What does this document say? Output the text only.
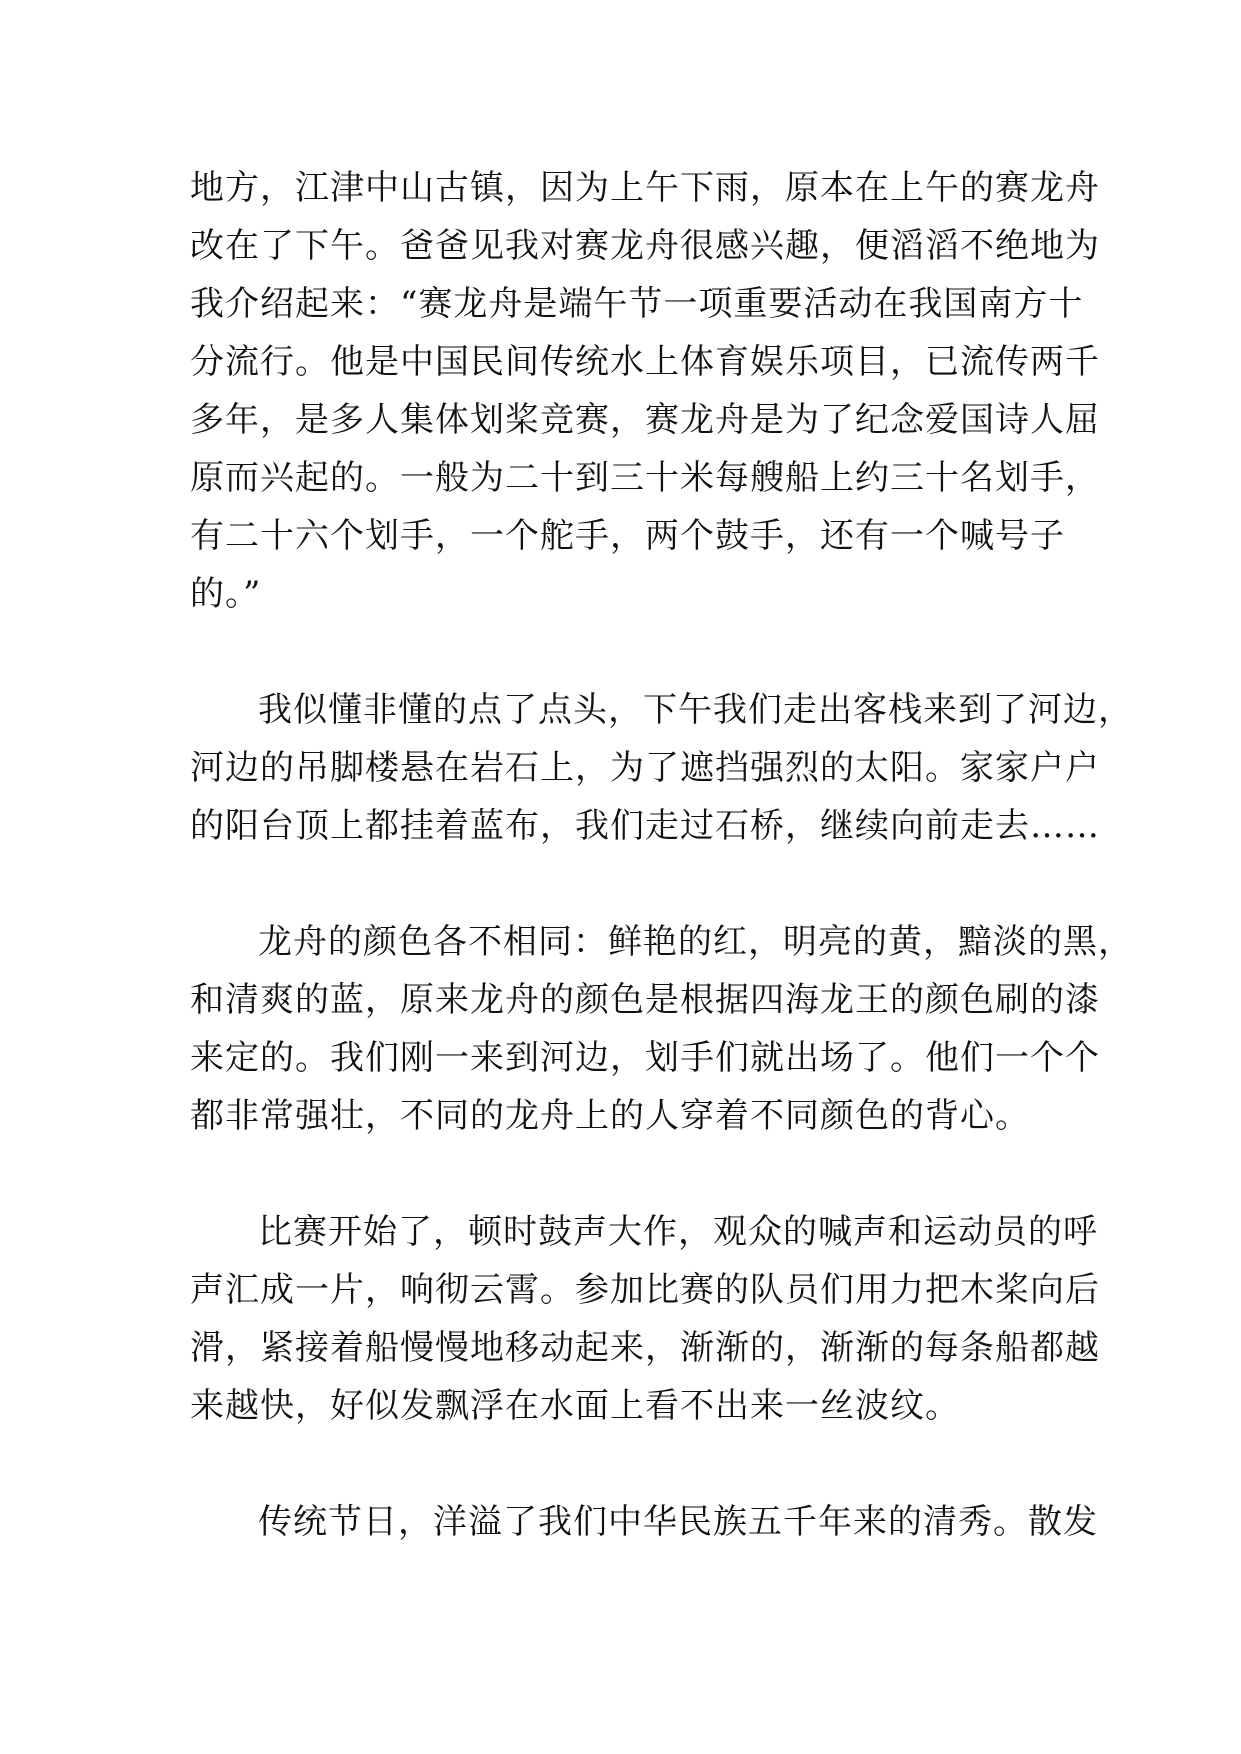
地方，江津中山古镇，因为上午下雨，原本在上午的赛龙舟
改在了下午。爸爸见我对赛龙舟很感兴趣，便滔滔不绝地为
我介绍起来：“赛龙舟是端午节一项重要活动在我国南方十
分流行。他是中国民间传统水上体育娱乐项目，已流传两千
多年，是多人集体划桨竞赛，赛龙舟是为了纪念爱国诗人屈
原而兴起的。一般为二十到三十米每艘船上约三十名划手，
有二十六个划手，一个舵手，两个鼓手，还有一个喊号子
的。”
我似懂非懂的点了点头，下午我们走出客栈来到了河边，
河边的吊脚楼悬在岩石上，为了遮挡强烈的太阳。家家户户
的阳台顶上都挂着蓝布，我们走过石桥，继续向前走去……
龙舟的颜色各不相同：鲜艳的红，明亮的黄，黯淡的黑，
和清爽的蓝，原来龙舟的颜色是根据四海龙王的颜色刷的漆
来定的。我们刚一来到河边，划手们就出场了。他们一个个
都非常强壮，不同的龙舟上的人穿着不同颜色的背心。
比赛开始了，顿时鼓声大作，观众的喊声和运动员的呼
声汇成一片，响彻云霄。参加比赛的队员们用力把木桨向后
滑，紧接着船慢慢地移动起来，渐渐的，渐渐的每条船都越
来越快，好似发飘浮在水面上看不出来一丝波纹。
传统节日，洋溢了我们中华民族五千年来的清秀。散发
